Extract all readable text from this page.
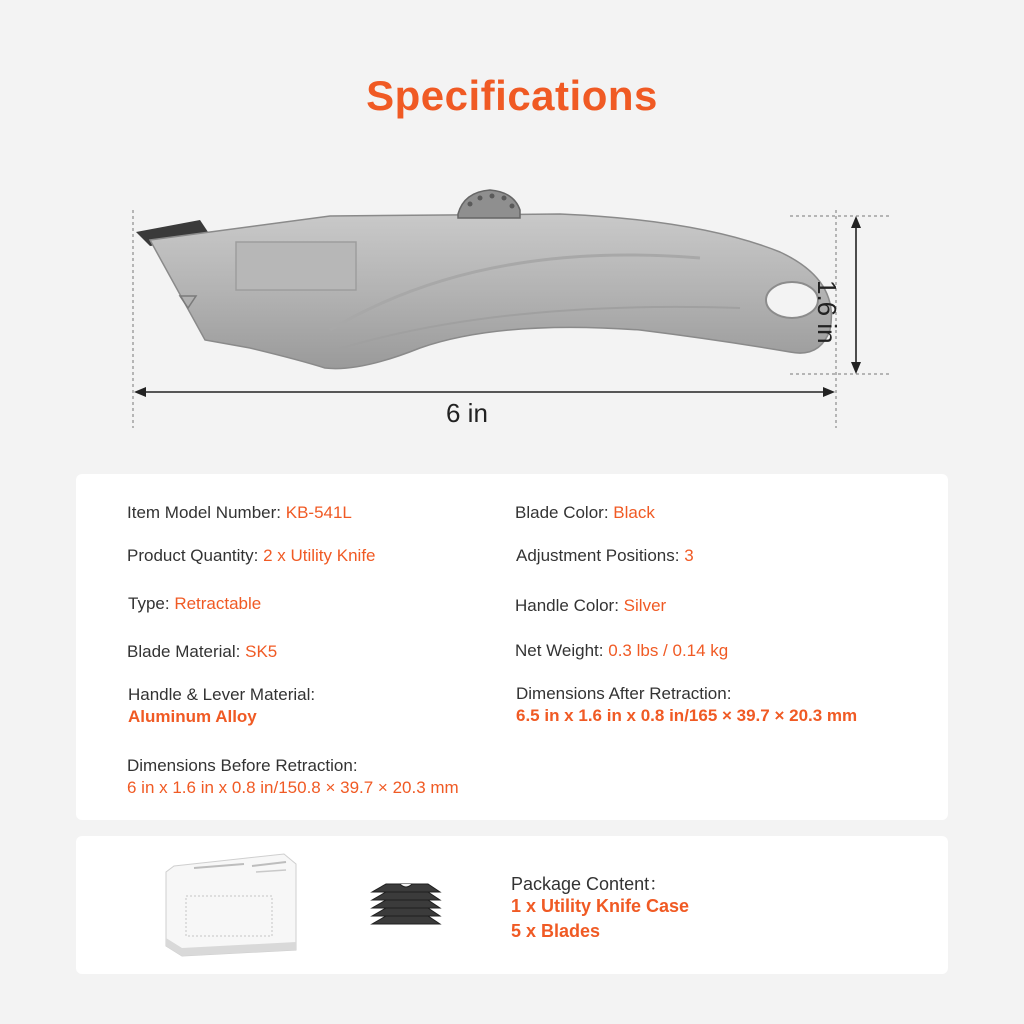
Specifications
6 in
1.6 in
Item Model Number: KB-541L	Blade Color: Black
Product Quantity: 2 x Utility Knife	Adjustment Positions: 3
Type: Retractable	Handle Color: Silver
Blade Material: SK5	Net Weight: 0.3 lbs / 0.14 kg
Handle & Lever Material:
Aluminum Alloy
Dimensions After Retraction:
6.5 in x 1.6 in x 0.8 in/165 × 39.7 × 20.3 mm
Dimensions Before Retraction:
6 in x 1.6 in x 0.8 in/150.8 × 39.7 × 20.3 mm
Package Content：
1 x Utility Knife Case
5 x Blades
